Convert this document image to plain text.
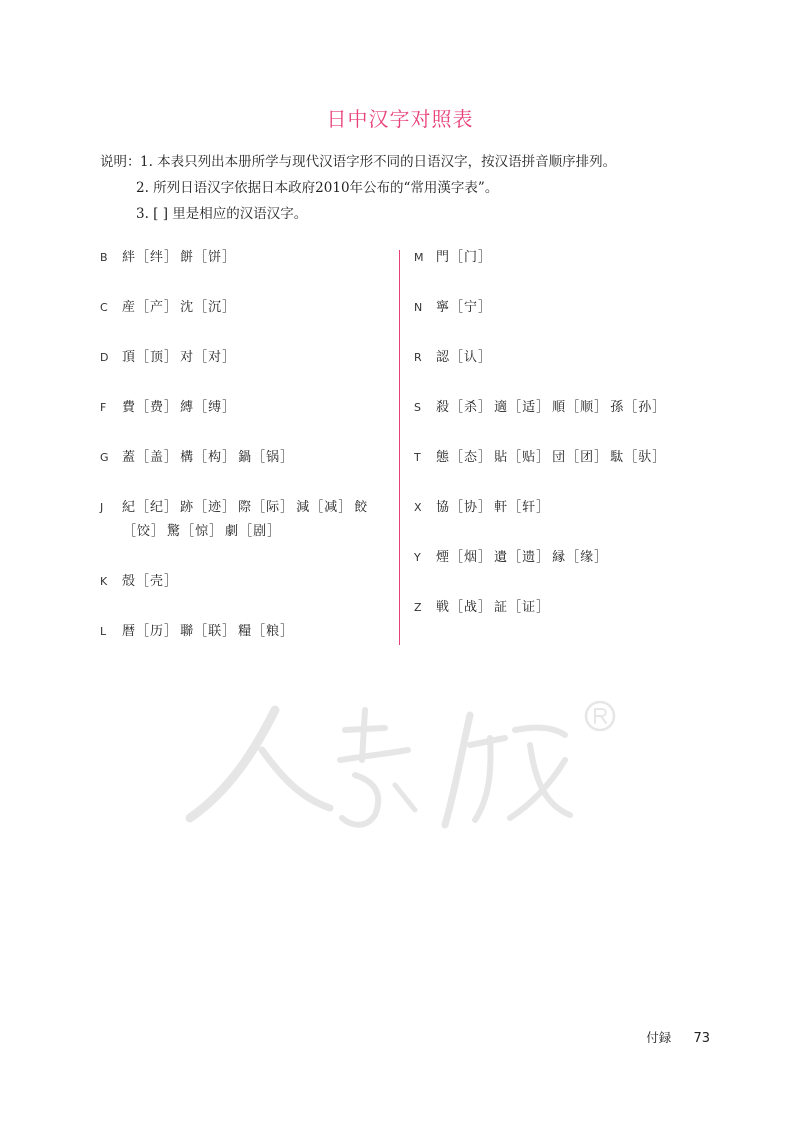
日中汉字对照表
说明： 1. 本表只列出本册所学与现代汉语字形不同的日语汉字，按汉语拼音顺序排列。
2. 所列日语汉字依据日本政府2010年公布的“常用漢字表”。
3. [ ] 里是相应的汉语汉字。
B 絆［绊］ 餅［饼］
C 産［产］ 沈［沉］
D 頂［顶］ 对［对］
F 費［费］ 縛［缚］
G 蓋［盖］ 構［构］ 鍋［锅］
J 紀［纪］ 跡［迹］ 際［际］ 減［减］ 餃［饺］ 驚［惊］ 劇［剧］
K 殻［壳］
L 暦［历］ 聯［联］ 糧［粮］
M 門［门］
N 寧［宁］
R 認［认］
S 殺［杀］ 適［适］ 順［顺］ 孫［孙］
T 態［态］ 貼［贴］ 団［团］ 駄［驮］
X 協［协］ 軒［轩］
Y 煙［烟］ 遺［遗］ 縁［缘］
Z 戦［战］ 証［证］
付録 73
